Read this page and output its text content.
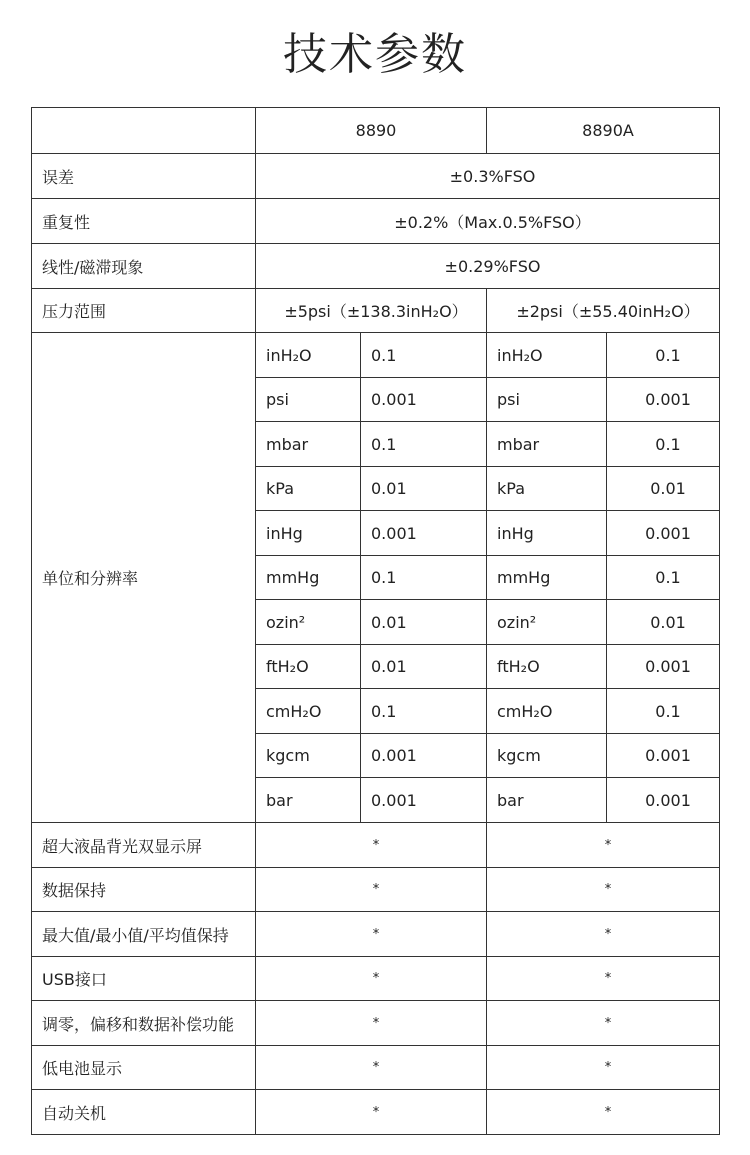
技术参数
	8890		8890A	
误差	±0.3%FSO			
重复性	±0.2%（Max.0.5%FSO）			
线性/磁滞现象	±0.29%FSO			
压力范围	±5psi（±138.3inH₂O）		±2psi（±55.40inH₂O）	
单位和分辨率	inH₂O	0.1	inH₂O	0.1
	psi	0.001	psi	0.001
	mbar	0.1	mbar	0.1
	kPa	0.01	kPa	0.01
	inHg	0.001	inHg	0.001
	mmHg	0.1	mmHg	0.1
	ozin²	0.01	ozin²	0.01
	ftH₂O	0.01	ftH₂O	0.001
	cmH₂O	0.1	cmH₂O	0.1
	kgcm	0.001	kgcm	0.001
	bar	0.001	bar	0.001
超大液晶背光双显示屏	*		*	
数据保持	*		*	
最大值/最小值/平均值保持	*		*	
USB接口	*		*	
调零，偏移和数据补偿功能	*		*	
低电池显示	*		*	
自动关机	*		*	
